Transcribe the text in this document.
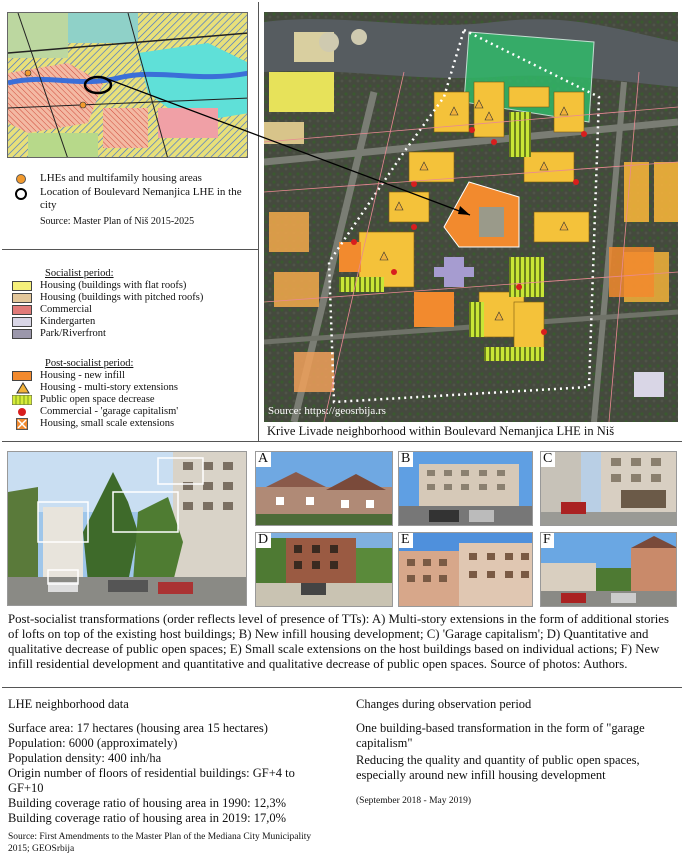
LHEs and multifamily housing areas
Location of Boulevard Nemanjica LHE in the city
Source: Master Plan of Niš 2015-2025
Socialist period:
Housing (buildings with flat roofs)
Housing (buildings with pitched roofs)
Commercial
Kindergarten
Park/Riverfront
Post-socialist period:
Housing - new infill
Housing - multi-story extensions
Public open space decrease
Commercial - 'garage capitalism'
Housing, small scale extensions
Source: https://geosrbija.rs
Krive Livade neighborhood within Boulevard Nemanjica LHE in Niš
A	B	C
D	E	F
Post-socialist transformations (order reflects level of presence of TTs): A) Multi-story extensions in the form of additional stories of lofts on top of the existing host buildings; B) New infill housing development; C) 'Garage capitalism'; D) Quantitative and qualitative decrease of public open spaces; E) Small scale extensions on the host buildings based on individual actions; F) New infill residential development and quantitative and qualitative decrease of public open spaces. Source of photos: Authors.
LHE neighborhood data
Surface area: 17 hectares (housing area 15 hectares)
Population: 6000 (approximately)
Population density: 400 inh/ha
Origin number of floors of residential buildings: GF+4 to GF+10
Building coverage ratio of housing area in 1990: 12,3%
Building coverage ratio of housing area in 2019: 17,0%
Source: First Amendments to the Master Plan of the Mediana City Municipality 2015; GEOSrbija
Changes during observation period
One building-based transformation in the form of "garage capitalism"
Reducing the quality and quantity of public open spaces, especially around new infill housing development
(September 2018 - May 2019)
